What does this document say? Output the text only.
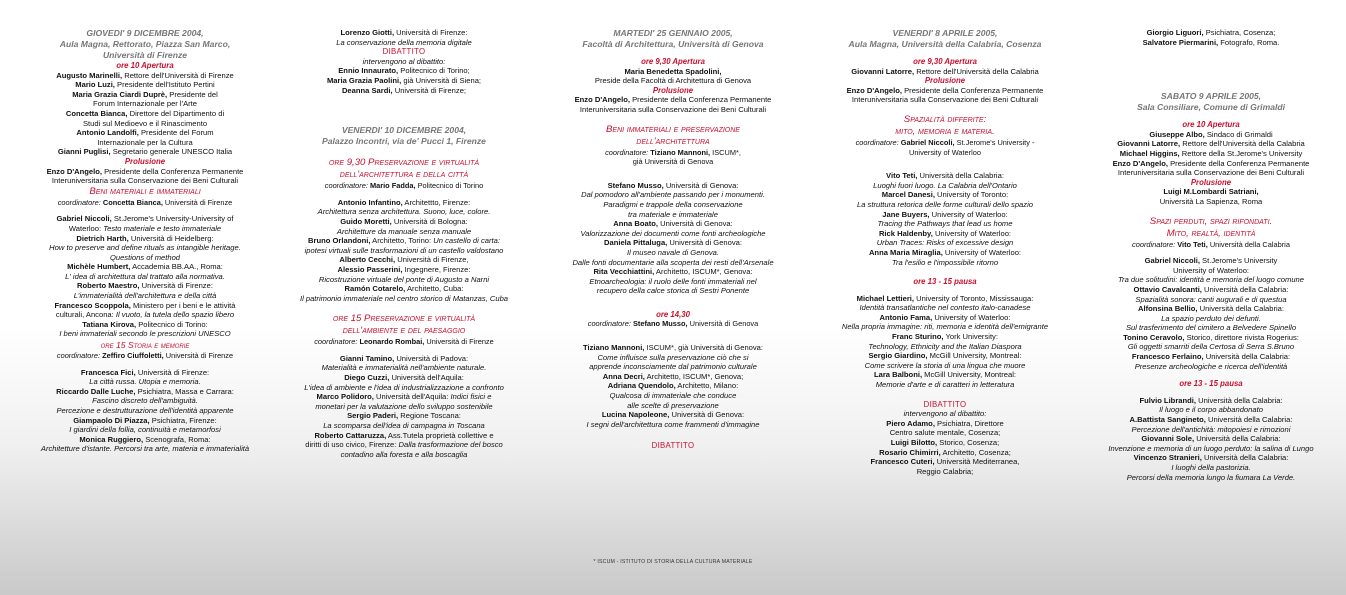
GIOVEDI' 9 DICEMBRE 2004,

Aula Magna, Rettorato, Piazza San Marco,

Università di Firenze

ore 10 Apertura

Augusto Marinelli, Rettore dell'Università di Firenze

Mario Luzi, Presidente dell'Istituto Pertini

Maria Grazia Ciardi Duprè, Presidente del

Forum Internazionale per l'Arte

Concetta Bianca, Direttore del Dipartimento di

Studi sul Medioevo e il Rinascimento

Antonio Landolfi, Presidente del Forum

Internazionale per la Cultura

Gianni Puglisi, Segretario generale UNESCO Italia

Prolusione

Enzo D'Angelo, Presidente della Conferenza Permanente

Interuniversitaria sulla Conservazione dei Beni Culturali

Beni materiali e immateriali

coordinatore: Concetta Bianca, Università di Firenze

Gabriel Niccoli, St.Jerome's University-University of

Waterloo: Testo materiale e testo immateriale

Dietrich Harth, Università di Heidelberg:

How to preserve and define rituals as intangible heritage.

Questions of method

Michèle Humbert, Accademia BB.AA., Roma:

L' idea di architettura dal trattato alla normativa.

Roberto Maestro, Università di Firenze:

L'immaterialità dell'architettura e della città

Francesco Scoppola, Ministero per i beni e le attività

culturali, Ancona: Il vuoto, la tutela dello spazio libero

Tatiana Kirova, Politecnico di Torino:

I beni immateriali secondo le prescrizioni UNESCO

ore 15 Storia e memorie

coordinatore: Zeffiro Ciuffoletti, Università di Firenze

Francesca Fici, Università di Firenze:

La città russa. Utopia e memoria.

Riccardo Dalle Luche, Psichiatra, Massa e Carrara:

Fascino discreto dell'ambiguità.

Percezione e destrutturazione dell'identità apparente

Giampaolo Di Piazza, Psichiatra, Firenze:

I giardini della follia, continuità e metamorfosi

Monica Ruggiero, Scenografa, Roma:

Architetture d'istante. Percorsi tra arte, materia e immaterialità

Lorenzo Giotti, Università di Firenze:

La conservazione della memoria digitale

DIBATTITO

intervengono al dibattito:

Ennio Innaurato, Politecnico di Torino;

Maria Grazia Paolini, già Università di Siena;

Deanna Sardi, Università di Firenze;

VENERDI' 10 DICEMBRE 2004,

Palazzo Incontri, via de' Pucci 1, Firenze

ore 9,30 Preservazione e virtualità

dell'architettura e della città

coordinatore: Mario Fadda, Politecnico di Torino

Antonio Infantino, Architettto, Firenze:

Architettura senza architettura. Suono, luce, colore.

Guido Moretti, Università di Bologna:

Architetture da manuale senza manuale

Bruno Orlandoni, Architetto, Torino: Un castello di carta:

ipotesi virtuali sulle trasformazioni di un castello valdostano

Alberto Cecchi, Università di Firenze,

Alessio Passerini, Ingegnere, Firenze:

Ricostruzione virtuale del ponte di Augusto a Narni

Ramón Cotarelo, Architetto, Cuba:

Il patrimonio immateriale nel centro storico di Matanzas, Cuba

ore 15 Preservazione e virtualità

dell'ambiente e del paesaggio

coordinatore: Leonardo Rombai, Università di Firenze

Gianni Tamino, Università di Padova:

Materialità e immaterialità nell'ambiente naturale.

Diego Cuzzi, Università dell'Aquila:

L'idea di ambiente e l'idea di industrializzazione a confronto

Marco Polidoro, Università dell'Aquila: Indici fisici e

monetari per la valutazione dello sviluppo sostenibile

Sergio Paderi, Regione Toscana:

La scomparsa dell'idea di campagna in Toscana

Roberto Cattaruzza, Ass.Tutela proprietà collettive e

diritti di uso civico, Firenze: Dalla trasformazione del bosco

contadino alla foresta e alla boscaglia

MARTEDI' 25 GENNAIO 2005,

Facoltà di Architettura, Università di Genova

ore 9,30 Apertura

Maria Benedetta Spadolini,

Preside della Facoltà di Architettura di Genova

Prolusione

Enzo D'Angelo, Presidente della Conferenza Permanente

Interuniversitaria sulla Conservazione dei Beni Culturali

Beni immateriali e preservazione

dell'architettura

coordinatore: Tiziano Mannoni, ISCUM*,

già Università di Genova

Stefano Musso, Università di Genova:

Dal pomodoro all'ambiente passando per i monumenti.

Paradigmi e trappole della conservazione

tra materiale e immateriale

Anna Boato, Università di Genova:

Valorizzazione dei documenti come fonti archeologiche

Daniela Pittaluga, Università di Genova:

Il museo navale di Genova.

Dalle fonti documentarie alla scoperta dei resti dell'Arsenale

Rita Vecchiattini, Architetto, ISCUM*, Genova:

Etnoarcheologia: il ruolo delle fonti immateriali nel

recupero della calce storica di Sestri Ponente

ore 14,30

coordinatore: Stefano Musso, Università di Genova

Tiziano Mannoni, ISCUM*, già Università di Genova:

Come influisce sulla preservazione ciò che si

apprende inconsciamente dal patrimonio culturale

Anna Decri, Architetto, ISCUM*, Genova;

Adriana Quendolo, Architetto, Milano:

Qualcosa di immateriale che conduce

alle scelte di preservazione

Lucina Napoleone, Università di Genova:

I segni dell'architettura come frammenti d'immagine

DIBATTITO

* ISCUM - ISTITUTO DI STORIA DELLA CULTURA MATERIALE

VENERDI' 8 APRILE 2005,

Aula Magna, Università della Calabria, Cosenza

ore 9,30 Apertura

Giovanni Latorre, Rettore dell'Università della Calabria

Prolusione

Enzo D'Angelo, Presidente della Conferenza Permanente

Interuniversitaria sulla Conservazione dei Beni Culturali

Spazialità differite:

mito, memoria e materia.

coordinatore: Gabriel Niccoli, St.Jerome's University -

University of Waterloo

Vito Teti, Università della Calabria:

Luoghi fuori luogo. La Calabria dell'Ontario

Marcel Danesi, University of Toronto:

La struttura retorica delle forme culturali dello spazio

Jane Buyers, University of Waterloo:

Tracing the Pathways that lead us home

Rick Haldenby, University of Waterloo:

Urban Traces: Risks of excessive design

Anna Maria Miraglia, University of Waterloo:

Tra l'esilio e l'impossibile ritorno

ore 13 - 15 pausa

Michael Lettieri, University of Toronto, Mississauga:

Identità transatlantiche nel contesto italo-canadese

Antonio Fama, University of Waterloo:

Nella propria immagine: riti, memoria e identità dell'emigrante

Franc Sturino, York University:

Technology, Ethnicity and the Italian Diaspora

Sergio Giardino, McGill University, Montreal:

Come scrivere la storia di una lingua che muore

Lara Balboni, McGill University, Montreal:

Memorie d'arte e di caratteri in letteratura

DIBATTITO

intervengono al dibattito:

Piero Adamo, Psichiatra, Direttore

Centro salute mentale, Cosenza;

Luigi Bilotto, Storico, Cosenza;

Rosario Chimirri, Architetto, Cosenza;

Francesco Cuteri, Università Mediterranea,

Reggio Calabria;

Giorgio Liguori, Psichiatra, Cosenza;

Salvatore Piermarini, Fotografo, Roma.

SABATO 9 APRILE 2005,

Sala Consiliare, Comune di Grimaldi

ore 10 Apertura

Giuseppe Albo, Sindaco di Grimaldi

Giovanni Latorre, Rettore dell'Università della Calabria

Michael Higgins, Rettore della St.Jerome's University

Enzo D'Angelo, Presidente della Conferenza Permanente

Interuniversitaria sulla Conservazione dei Beni Culturali

Prolusione

Luigi M.Lombardi Satriani,

Università La Sapienza, Roma

Spazi perduti, spazi rifondati.

Mito, realtà, identità

coordinatore: Vito Teti, Università della Calabria

Gabriel Niccoli, St.Jerome's University

University of Waterloo:

Tra due solitudini: identità e memoria del luogo comune

Ottavio Cavalcanti, Università della Calabria:

Spazialità sonora: canti augurali e di questua

Alfonsina Bellio, Università della Calabria:

La spazio perduto dei defunti.

Sul trasferimento del cimitero a Belvedere Spinello

Tonino Ceravolo, Storico, direttore rivista Rogerius:

Gli oggetti smarriti della Certosa di Serra S.Bruno

Francesco Ferlaino, Università della Calabria:

Presenze archeologiche e ricerca dell'identità

ore 13 - 15 pausa

Fulvio Librandi, Università della Calabria:

Il luogo e il corpo abbandonato

A.Battista Sangineto, Università della Calabria:

Percezione dell'antichità: mitopoiesi e rimozioni

Giovanni Sole, Università della Calabria:

Invenzione e memoria di un luogo perduto: la salina di Lungo

Vincenzo Stranieri, Università della Calabria:

I luoghi della pastorizia.

Percorsi della memoria lungo la fiumara La Verde.
